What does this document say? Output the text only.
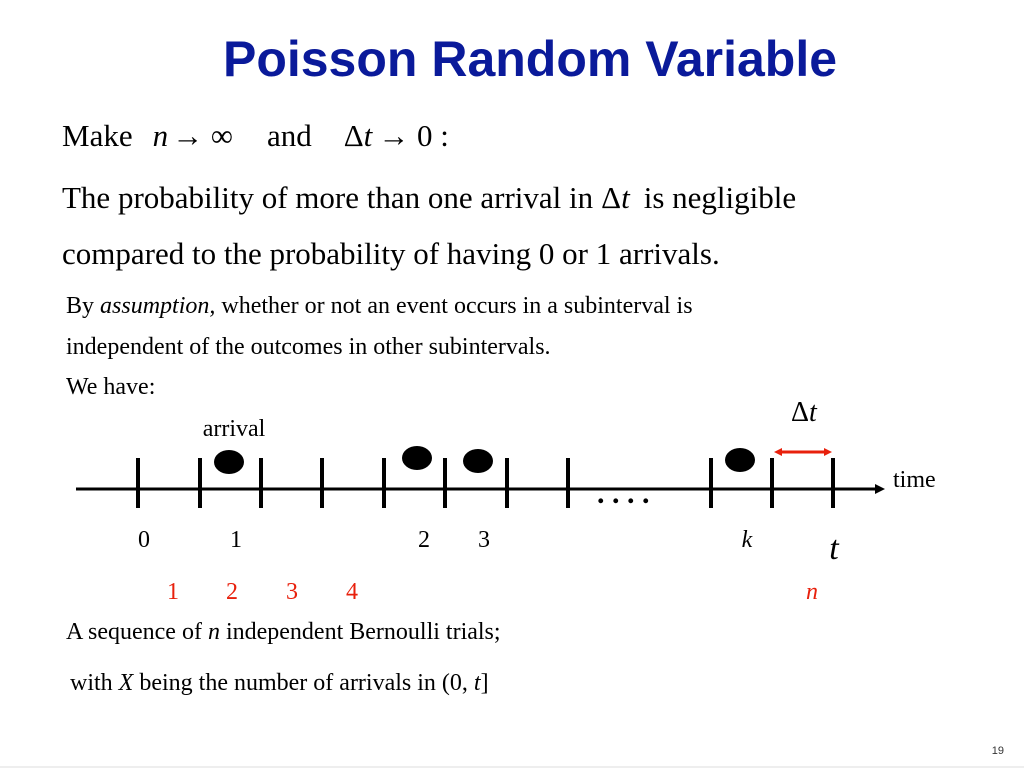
Poisson Random Variable
Make n → ∞ and Δt → 0 :
The probability of more than one arrival in Δt is negligible
compared to the probability of having 0 or 1 arrivals.
By assumption, whether or not an event occurs in a subinterval is
independent of the outcomes in other subintervals.
We have:
arrival
time
Δt
. . . .
0	1	2 3	k t
1 2 3 4	n
A sequence of n independent Bernoulli trials;
with X being the number of arrivals in (0, t]
19
